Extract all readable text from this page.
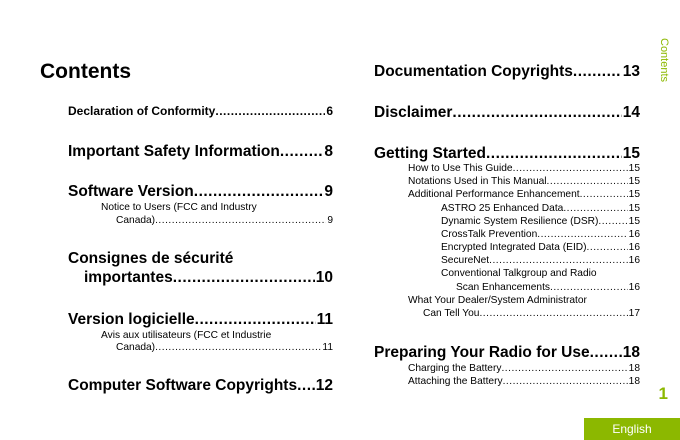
Contents
Declaration of Conformity .....	6
Important Safety Information .....	8
Software Version .....	9
Notice to Users (FCC and Industry
Canada) .....	9
Consignes de sécurité
importantes .....	10
Version logicielle .....	11
Avis aux utilisateurs (FCC et Industrie
Canada) .....	11
Computer Software Copyrights ..... 12
Documentation Copyrights .....	13
Disclaimer .....	14
Getting Started .....	15
How to Use This Guide .....	15
Notations Used in This Manual .....	15
Additional Performance Enhancement .....	15
ASTRO 25 Enhanced Data .....	15
Dynamic System Resilience (DSR) .....	15
CrossTalk Prevention .....	16
Encrypted Integrated Data (EID) .....	16
SecureNet .....	16
Conventional Talkgroup and Radio
Scan Enhancements .....	16
What Your Dealer/System Administrator
Can Tell You .....	17
Preparing Your Radio for Use ..... 18
Charging the Battery .....	18
Attaching the Battery .....	18
Contents
1
English
